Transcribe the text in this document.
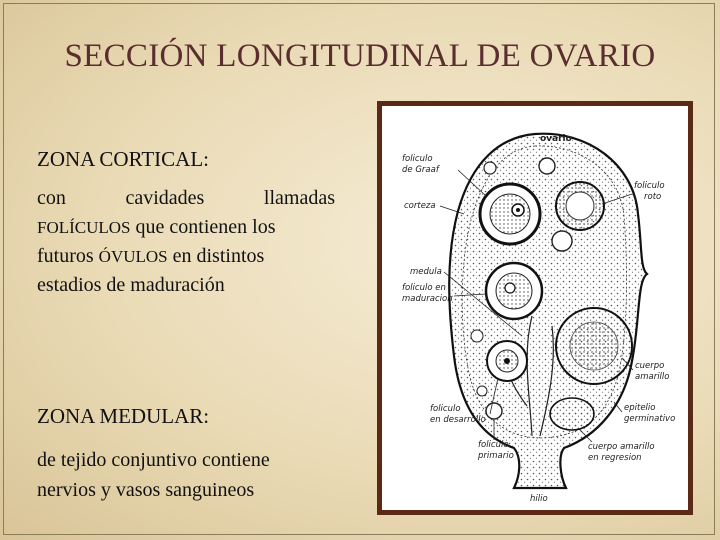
SECCIÓN LONGITUDINAL DE OVARIO
ZONA CORTICAL:
con	cavidades	llamadas
FOLÍCULOS que contienen los
futuros ÓVULOS en distintos
estadios de maduración
ZONA MEDULAR:
de tejido conjuntivo contiene
nervios y vasos sanguineos
ovario
foliculo
de Graaf
foliculo
roto
corteza
medula
foliculo en
maduracion
cuerpo
amarillo
foliculo
en desarrollo
epitelio
germinativo
foliculo
primario
cuerpo amarillo
en regresion
hilio
